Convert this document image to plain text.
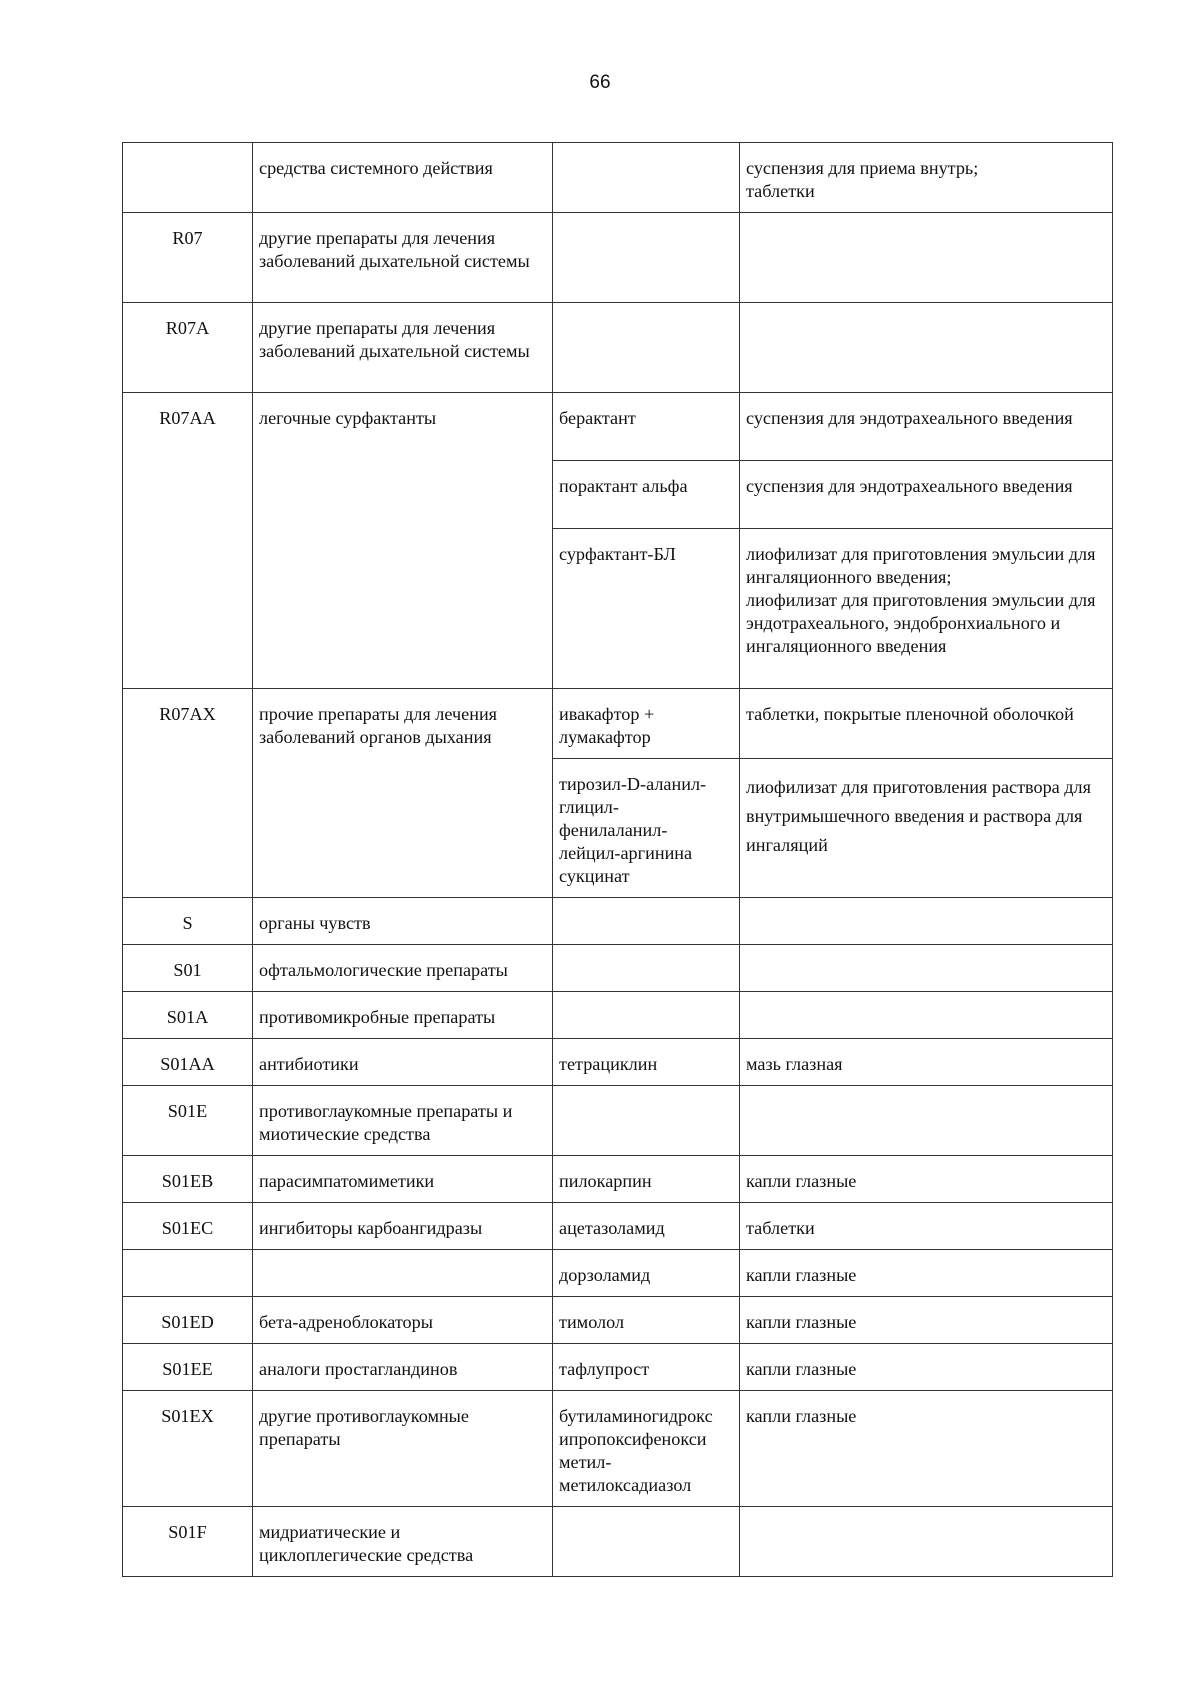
66
	средства системного действия		суспензия для приема внутрь;
таблетки
R07	другие препараты для лечения заболеваний дыхательной системы		
R07A	другие препараты для лечения заболеваний дыхательной системы		
R07AA	легочные сурфактанты	берактант	суспензия для эндотрахеального введения
		порактант альфа	суспензия для эндотрахеального введения
		сурфактант-БЛ	лиофилизат для приготовления эмульсии для ингаляционного введения;
лиофилизат для приготовления эмульсии для эндотрахеального, эндобронхиального и ингаляционного введения
R07AX	прочие препараты для лечения заболеваний органов дыхания	ивакафтор + лумакафтор	таблетки, покрытые пленочной оболочкой
		тирозил-D-аланил-
глицил-
фенилаланил-
лейцил-аргинина
сукцинат	лиофилизат для приготовления раствора для внутримышечного введения и раствора для ингаляций
S	органы чувств		
S01	офтальмологические препараты		
S01A	противомикробные препараты		
S01AA	антибиотики	тетрациклин	мазь глазная
S01E	противоглаукомные препараты и миотические средства		
S01EB	парасимпатомиметики	пилокарпин	капли глазные
S01EC	ингибиторы карбоангидразы	ацетазоламид	таблетки
		дорзоламид	капли глазные
S01ED	бета-адреноблокаторы	тимолол	капли глазные
S01EE	аналоги простагландинов	тафлупрост	капли глазные
S01EX	другие противоглаукомные препараты	бутиламиногидрокс
ипропоксифенокси
метил-
метилоксадиазол	капли глазные
S01F	мидриатические и циклоплегические средства		
